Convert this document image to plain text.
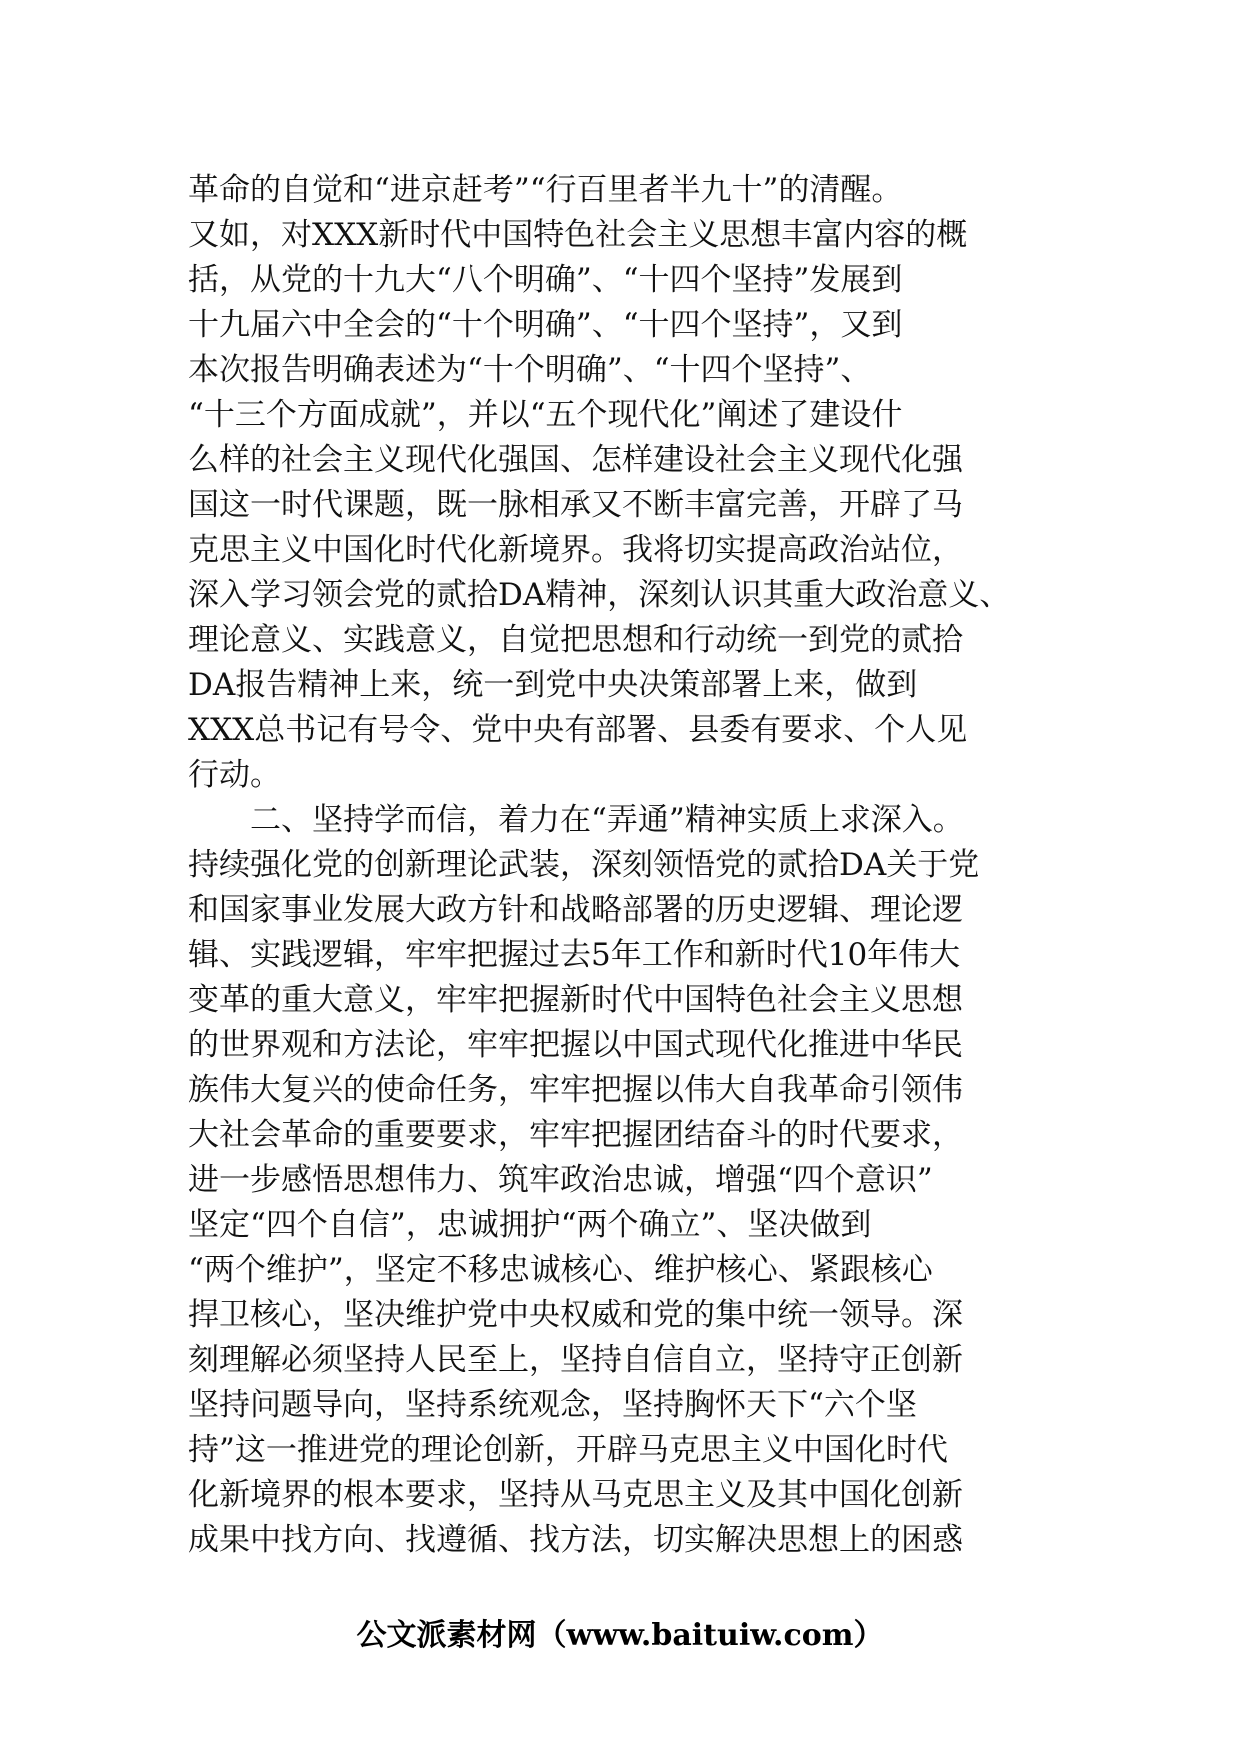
革命的自觉和“进京赶考”“行百里者半九十”的清醒。
又如，对XXX新时代中国特色社会主义思想丰富内容的概
括，从党的十九大“八个明确”、“十四个坚持”发展到
十九届六中全会的“十个明确”、“十四个坚持”，又到
本次报告明确表述为“十个明确”、“十四个坚持”、
“十三个方面成就”，并以“五个现代化”阐述了建设什
么样的社会主义现代化强国、怎样建设社会主义现代化强
国这一时代课题，既一脉相承又不断丰富完善，开辟了马
克思主义中国化时代化新境界。我将切实提高政治站位，
深入学习领会党的贰拾DA精神，深刻认识其重大政治意义、
理论意义、实践意义，自觉把思想和行动统一到党的贰拾
DA报告精神上来，统一到党中央决策部署上来，做到
XXX总书记有号令、党中央有部署、县委有要求、个人见
行动。
二、坚持学而信，着力在“弄通”精神实质上求深入。
持续强化党的创新理论武装，深刻领悟党的贰拾DA关于党
和国家事业发展大政方针和战略部署的历史逻辑、理论逻
辑、实践逻辑，牢牢把握过去5年工作和新时代10年伟大
变革的重大意义，牢牢把握新时代中国特色社会主义思想
的世界观和方法论，牢牢把握以中国式现代化推进中华民
族伟大复兴的使命任务，牢牢把握以伟大自我革命引领伟
大社会革命的重要要求，牢牢把握团结奋斗的时代要求，
进一步感悟思想伟力、筑牢政治忠诚，增强“四个意识”
坚定“四个自信”，忠诚拥护“两个确立”、坚决做到
“两个维护”，坚定不移忠诚核心、维护核心、紧跟核心
捍卫核心，坚决维护党中央权威和党的集中统一领导。深
刻理解必须坚持人民至上，坚持自信自立，坚持守正创新
坚持问题导向，坚持系统观念，坚持胸怀天下“六个坚
持”这一推进党的理论创新，开辟马克思主义中国化时代
化新境界的根本要求，坚持从马克思主义及其中国化创新
成果中找方向、找遵循、找方法，切实解决思想上的困惑
公文派素材网（www.baituiw.com）
